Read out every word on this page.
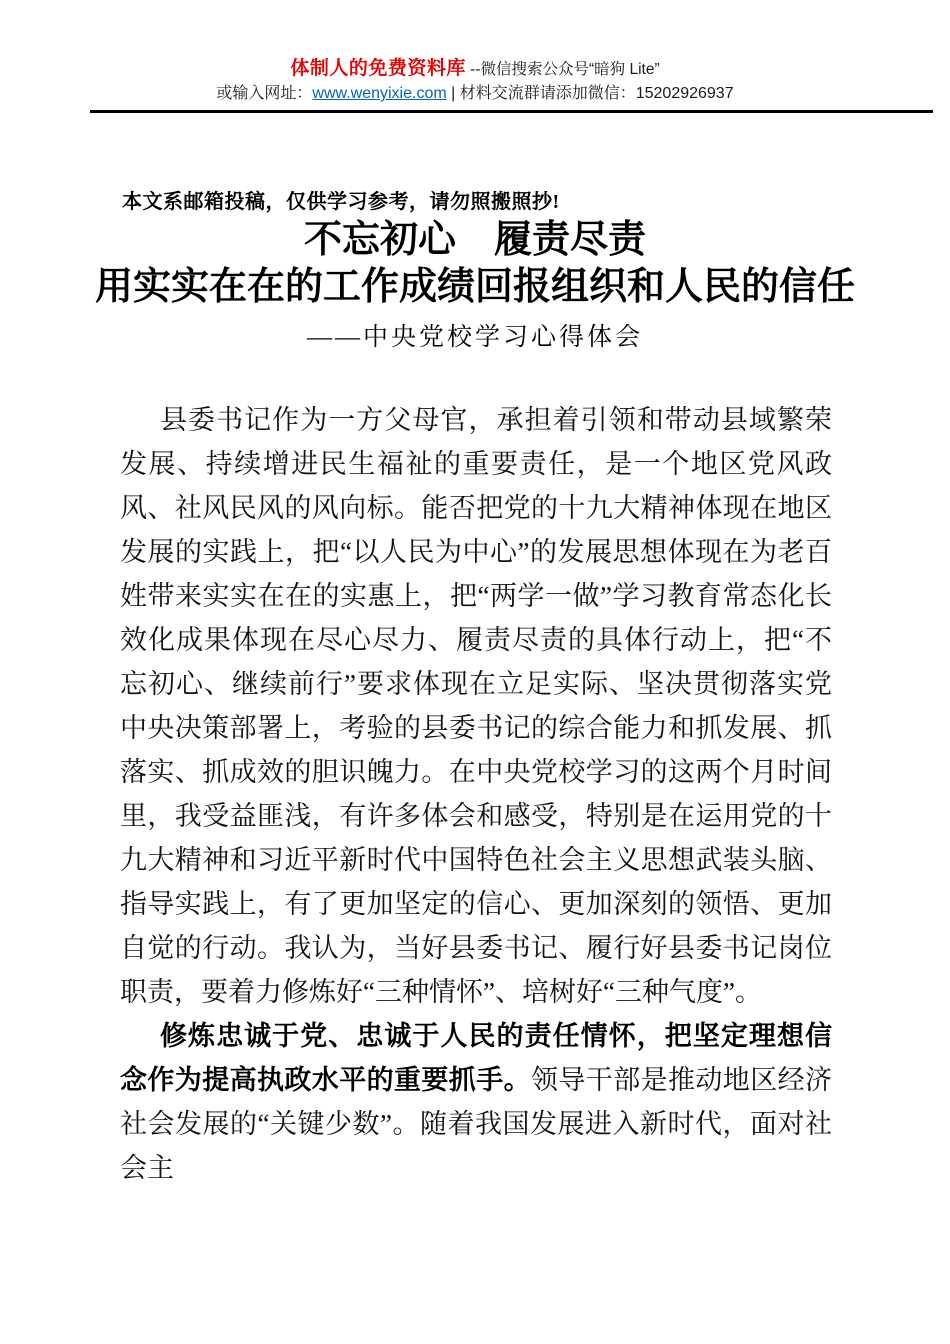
体制人的免费资料库 --微信搜索公众号“暗狗 Lite”
或输入网址：www.wenyixie.com | 材料交流群请添加微信：15202926937
本文系邮箱投稿，仅供学习参考，请勿照搬照抄!
不忘初心　履责尽责
用实实在在的工作成绩回报组织和人民的信任
——中央党校学习心得体会

县委书记作为一方父母官，承担着引领和带动县域繁荣发展、持续增进民生福祉的重要责任，是一个地区党风政风、社风民风的风向标。能否把党的十九大精神体现在地区发展的实践上，把“以人民为中心”的发展思想体现在为老百姓带来实实在在的实惠上，把“两学一做”学习教育常态化长效化成果体现在尽心尽力、履责尽责的具体行动上，把“不忘初心、继续前行”要求体现在立足实际、坚决贯彻落实党中央决策部署上，考验的县委书记的综合能力和抓发展、抓落实、抓成效的胆识魄力。在中央党校学习的这两个月时间里，我受益匪浅，有许多体会和感受，特别是在运用党的十九大精神和习近平新时代中国特色社会主义思想武装头脑、指导实践上，有了更加坚定的信心、更加深刻的领悟、更加自觉的行动。我认为，当好县委书记、履行好县委书记岗位职责，要着力修炼好“三种情怀”、培树好“三种气度”。

修炼忠诚于党、忠诚于人民的责任情怀，把坚定理想信念作为提高执政水平的重要抓手。领导干部是推动地区经济社会发展的“关键少数”。随着我国发展进入新时代，面对社会主
